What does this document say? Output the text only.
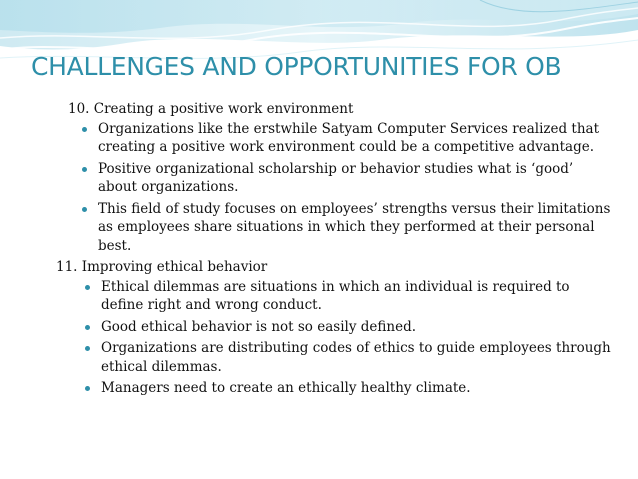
CHALLENGES AND OPPORTUNITIES FOR OB
10. Creating a positive work environment
Organizations like the erstwhile Satyam Computer Services realized that creating a positive work environment could be a competitive advantage.
Positive organizational scholarship or behavior studies what is ‘good’ about organizations.
This field of study focuses on employees’ strengths versus their limitations as employees share situations in which they performed at their personal best.
11. Improving ethical behavior
Ethical dilemmas are situations in which an individual is required to define right and wrong conduct.
Good ethical behavior is not so easily defined.
Organizations are distributing codes of ethics to guide employees through ethical dilemmas.
Managers need to create an ethically healthy climate.
